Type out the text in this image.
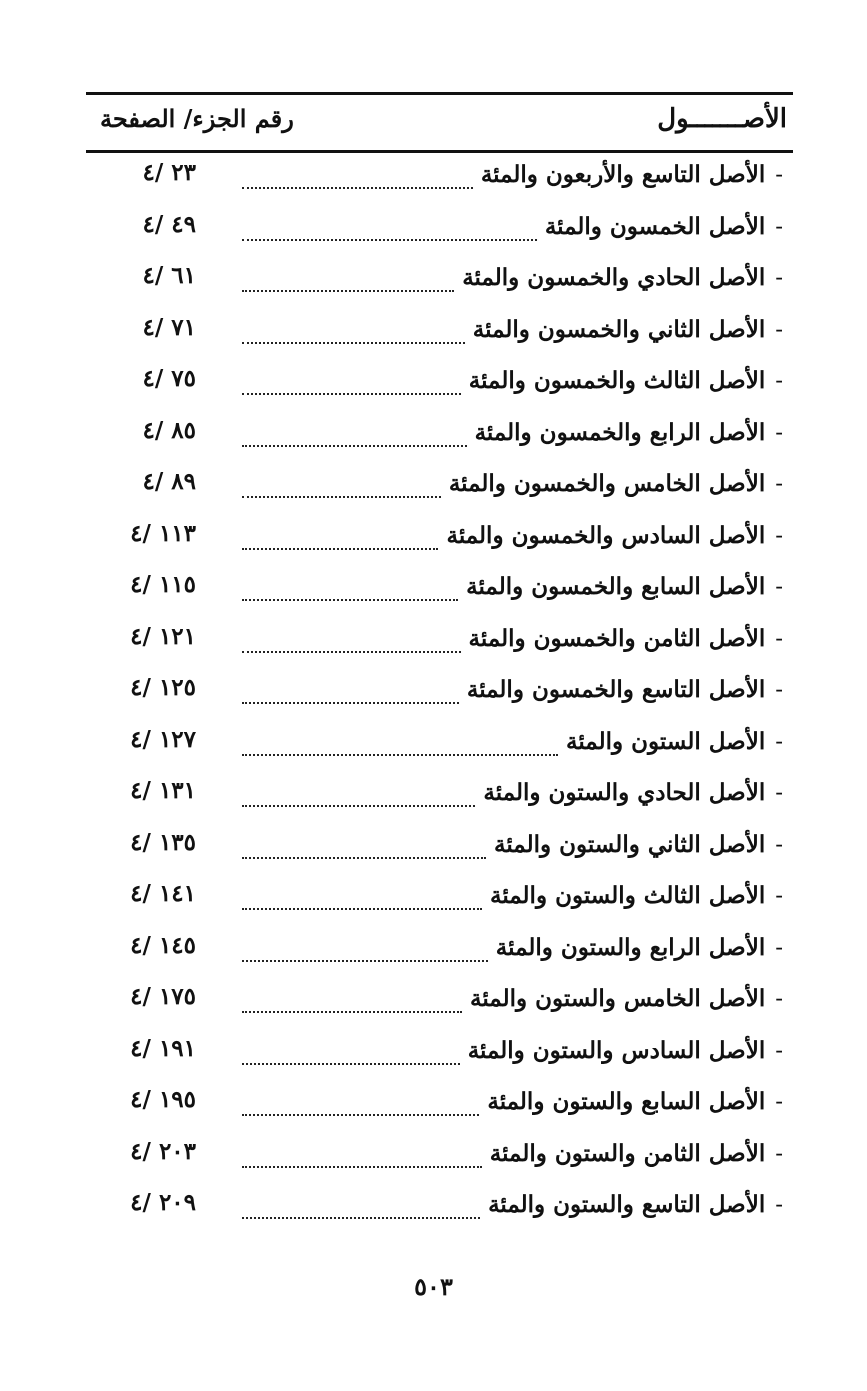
الأصـــــــول
رقم الجزء/ الصفحة
-
الأصل التاسع والأربعون والمئة
٢٣ /٤
-
الأصل الخمسون والمئة
٤٩ /٤
-
الأصل الحادي والخمسون والمئة
٦١ /٤
-
الأصل الثاني والخمسون والمئة
٧١ /٤
-
الأصل الثالث والخمسون والمئة
٧٥ /٤
-
الأصل الرابع والخمسون والمئة
٨٥ /٤
-
الأصل الخامس والخمسون والمئة
٨٩ /٤
-
الأصل السادس والخمسون والمئة
١١٣ /٤
-
الأصل السابع والخمسون والمئة
١١٥ /٤
-
الأصل الثامن والخمسون والمئة
١٢١ /٤
-
الأصل التاسع والخمسون والمئة
١٢٥ /٤
-
الأصل الستون والمئة
١٢٧ /٤
-
الأصل الحادي والستون والمئة
١٣١ /٤
-
الأصل الثاني والستون والمئة
١٣٥ /٤
-
الأصل الثالث والستون والمئة
١٤١ /٤
-
الأصل الرابع والستون والمئة
١٤٥ /٤
-
الأصل الخامس والستون والمئة
١٧٥ /٤
-
الأصل السادس والستون والمئة
١٩١ /٤
-
الأصل السابع والستون والمئة
١٩٥ /٤
-
الأصل الثامن والستون والمئة
٢٠٣ /٤
-
الأصل التاسع والستون والمئة
٢٠٩ /٤
٥٠٣
